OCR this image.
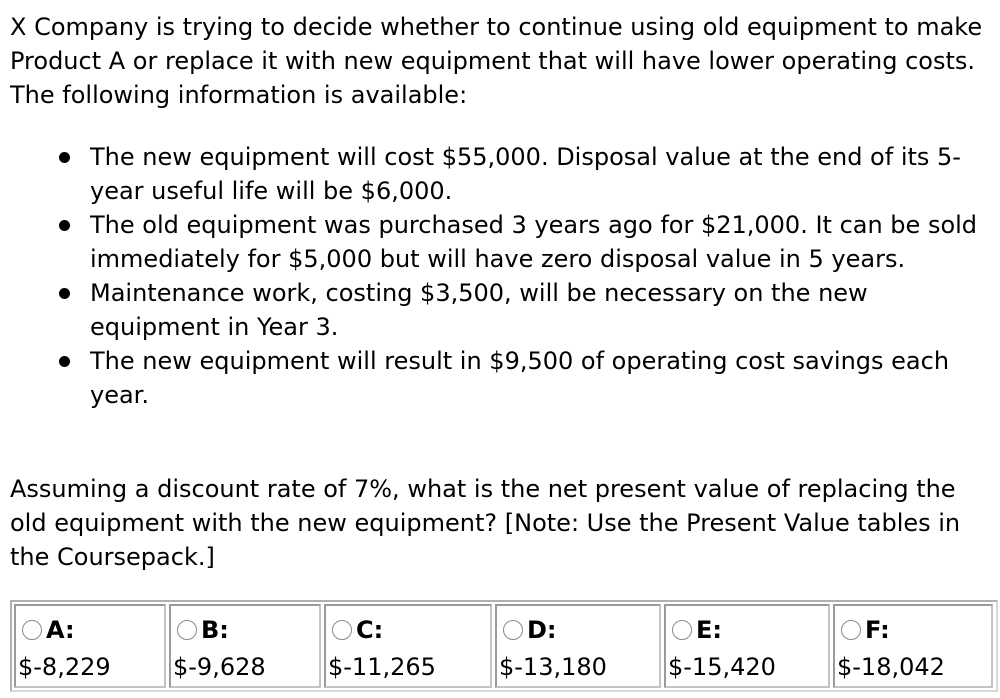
X Company is trying to decide whether to continue using old equipment to make Product A or replace it with new equipment that will have lower operating costs. The following information is available:

The new equipment will cost $55,000. Disposal value at the end of its 5-year useful life will be $6,000.
The old equipment was purchased 3 years ago for $21,000. It can be sold immediately for $5,000 but will have zero disposal value in 5 years.
Maintenance work, costing $3,500, will be necessary on the new equipment in Year 3.
The new equipment will result in $9,500 of operating cost savings each year.

Assuming a discount rate of 7%, what is the net present value of replacing the old equipment with the new equipment? [Note: Use the Present Value tables in the Coursepack.]

A:
$-8,229
B:
$-9,628
C:
$-11,265
D:
$-13,180
E:
$-15,420
F:
$-18,042
